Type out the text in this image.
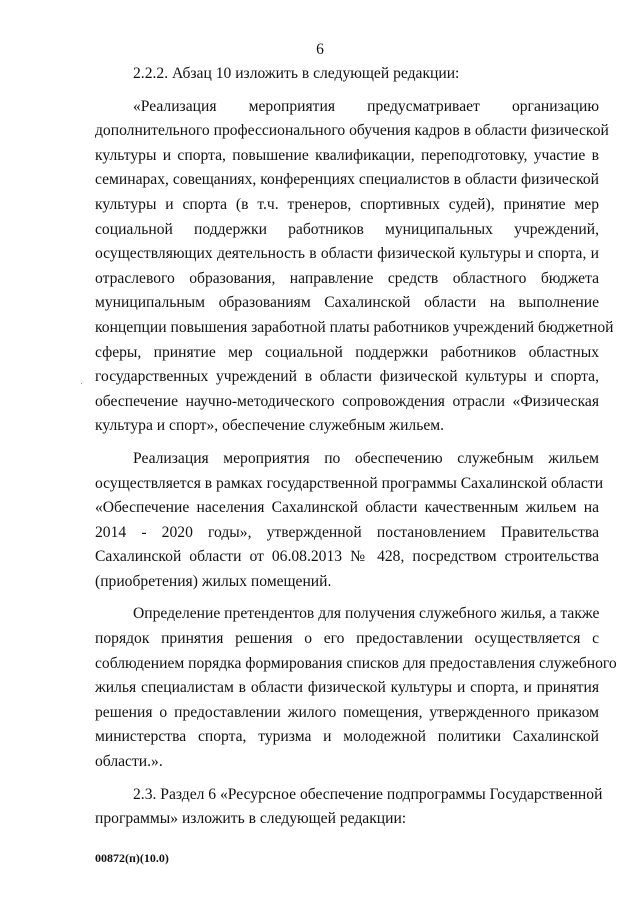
6
2.2.2. Абзац 10 изложить в следующей редакции:
«Реализация мероприятия предусматривает организацию
дополнительного профессионального обучения кадров в области физической
культуры и спорта, повышение квалификации, переподготовку, участие в
семинарах, совещаниях, конференциях специалистов в области физической
культуры и спорта (в т.ч. тренеров, спортивных судей), принятие мер
социальной поддержки работников муниципальных учреждений,
осуществляющих деятельность в области физической культуры и спорта, и
отраслевого образования, направление средств областного бюджета
муниципальным образованиям Сахалинской области на выполнение
концепции повышения заработной платы работников учреждений бюджетной
сферы, принятие мер социальной поддержки работников областных
государственных учреждений в области физической культуры и спорта,
обеспечение научно-методического сопровождения отрасли «Физическая
культура и спорт», обеспечение служебным жильем.
Реализация мероприятия по обеспечению служебным жильем
осуществляется в рамках государственной программы Сахалинской области
«Обеспечение населения Сахалинской области качественным жильем на
2014 - 2020 годы», утвержденной постановлением Правительства
Сахалинской области от 06.08.2013 № 428, посредством строительства
(приобретения) жилых помещений.
Определение претендентов для получения служебного жилья, а также
порядок принятия решения о его предоставлении осуществляется с
соблюдением порядка формирования списков для предоставления служебного
жилья специалистам в области физической культуры и спорта, и принятия
решения о предоставлении жилого помещения, утвержденного приказом
министерства спорта, туризма и молодежной политики Сахалинской
области.».
2.3. Раздел 6 «Ресурсное обеспечение подпрограммы Государственной
программы» изложить в следующей редакции:
00872(п)(10.0)
